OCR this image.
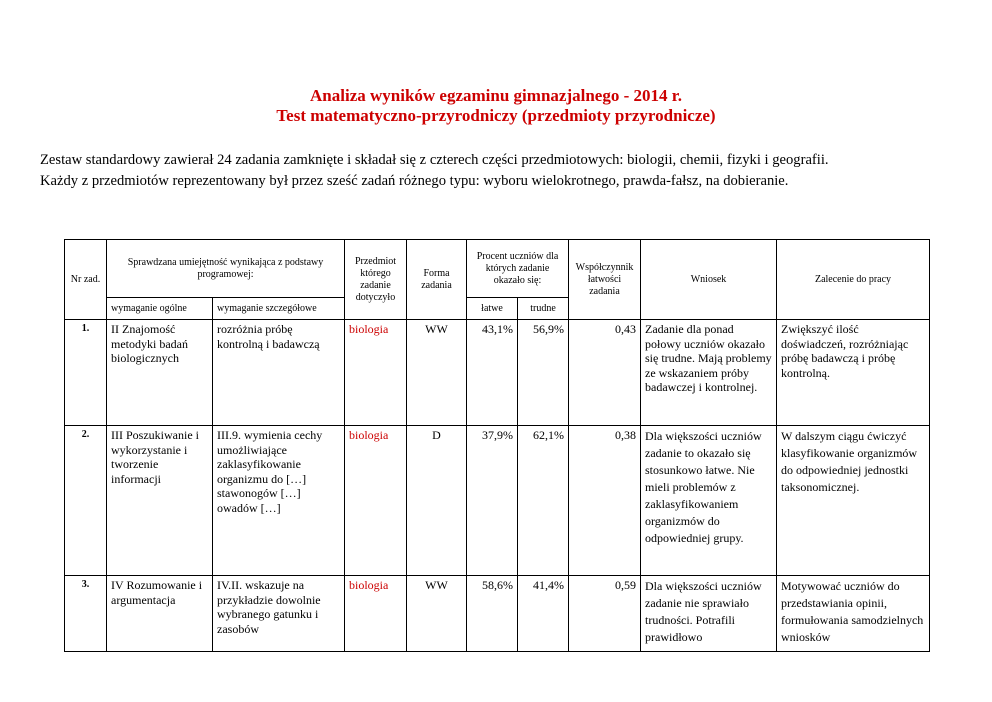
Analiza wyników egzaminu gimnazjalnego - 2014 r.
Test matematyczno-przyrodniczy (przedmioty przyrodnicze)
Zestaw standardowy zawierał 24 zadania zamknięte i składał się z czterech części przedmiotowych: biologii, chemii, fizyki i geografii.
Każdy z przedmiotów reprezentowany był przez sześć zadań różnego typu: wyboru wielokrotnego, prawda-fałsz, na dobieranie.
Nr zad.	Sprawdzana umiejętność wynikająca z podstawy programowej:		Przedmiot którego zadanie dotyczyło	Forma zadania	Procent uczniów dla których zadanie okazało się:		Współczynnik łatwości zadania	Wniosek	Zalecenie do pracy
	wymaganie ogólne	wymaganie szczegółowe			łatwe	trudne			
1.	II Znajomość metodyki badań biologicznych	rozróżnia próbę kontrolną i badawczą	biologia	WW	43,1%	56,9%	0,43	Zadanie dla ponad połowy uczniów okazało się trudne. Mają problemy ze wskazaniem próby badawczej i kontrolnej.	Zwiększyć ilość doświadczeń, rozróżniając próbę badawczą i próbę kontrolną.
2.	III Poszukiwanie i wykorzystanie i tworzenie informacji	III.9. wymienia cechy umożliwiające zaklasyfikowanie organizmu do […] stawonogów […] owadów […]	biologia	D	37,9%	62,1%	0,38	Dla większości uczniów zadanie to okazało się stosunkowo łatwe. Nie mieli problemów z zaklasyfikowaniem organizmów do odpowiedniej grupy.	W dalszym ciągu ćwiczyć klasyfikowanie organizmów do odpowiedniej jednostki taksonomicznej.
3.	IV Rozumowanie i argumentacja	IV.II. wskazuje na przykładzie dowolnie wybranego gatunku i zasobów	biologia	WW	58,6%	41,4%	0,59	Dla większości uczniów zadanie nie sprawiało trudności. Potrafili prawidłowo	Motywować uczniów do przedstawiania opinii, formułowania samodzielnych wniosków
